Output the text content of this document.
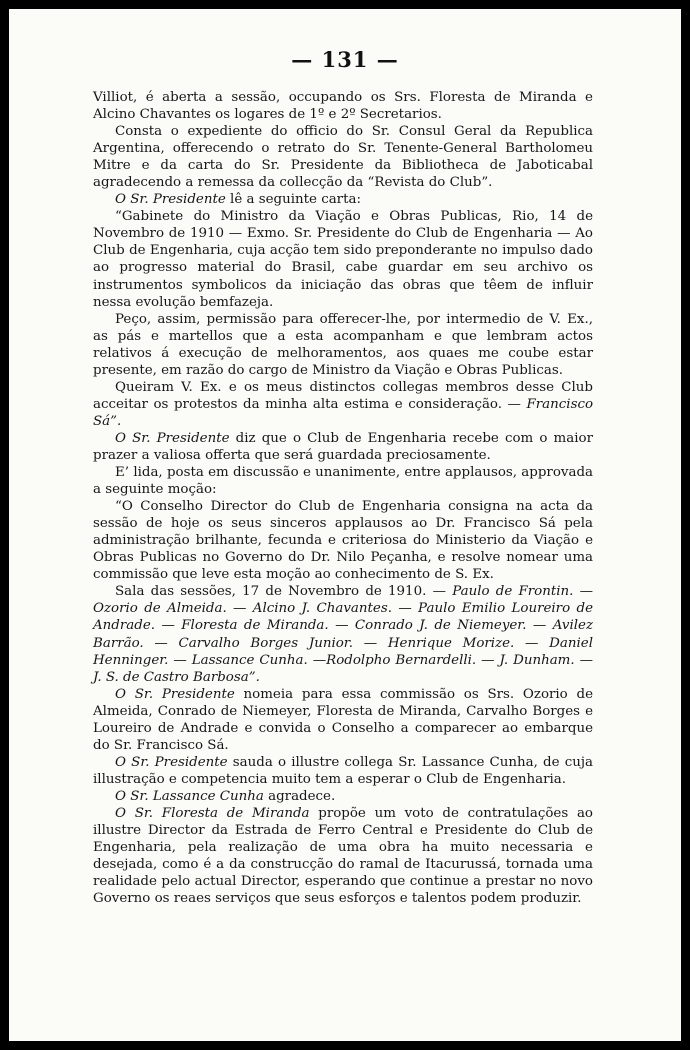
— 131 —

Villiot, é aberta a sessão, occupando os Srs. Floresta de Miranda e Alcino Chavantes os logares de 1º e 2º Secretarios.

Consta o expediente do officio do Sr. Consul Geral da Republica Argentina, offerecendo o retrato do Sr. Tenente-General Bartholomeu Mitre e da carta do Sr. Presidente da Bibliotheca de Jaboticabal agradecendo a remessa da collecção da “Revista do Club”.

O Sr. Presidente lê a seguinte carta:

“Gabinete do Ministro da Viação e Obras Publicas, Rio, 14 de Novembro de 1910 — Exmo. Sr. Presidente do Club de Engenharia — Ao Club de Engenharia, cuja acção tem sido preponderante no impulso dado ao progresso material do Brasil, cabe guardar em seu archivo os instrumentos symbolicos da iniciação das obras que têem de influir nessa evolução bemfazeja.

Peço, assim, permissão para offerecer-lhe, por intermedio de V. Ex., as pás e martellos que a esta acompanham e que lembram actos relativos á execução de melhoramentos, aos quaes me coube estar presente, em razão do cargo de Ministro da Viação e Obras Publicas.

Queiram V. Ex. e os meus distinctos collegas membros desse Club acceitar os protestos da minha alta estima e consideração. — Francisco Sá”.

O Sr. Presidente diz que o Club de Engenharia recebe com o maior prazer a valiosa offerta que será guardada preciosamente.

E’ lida, posta em discussão e unanimente, entre applausos, approvada a seguinte moção:

“O Conselho Director do Club de Engenharia consigna na acta da sessão de hoje os seus sinceros applausos ao Dr. Francisco Sá pela administração brilhante, fecunda e criteriosa do Ministerio da Viação e Obras Publicas no Governo do Dr. Nilo Peçanha, e resolve nomear uma commissão que leve esta moção ao conhecimento de S. Ex.

Sala das sessões, 17 de Novembro de 1910. — Paulo de Frontin. — Ozorio de Almeida. — Alcino J. Chavantes. — Paulo Emilio Loureiro de Andrade. — Floresta de Miranda. — Conrado J. de Niemeyer. — Avilez Barrão. — Carvalho Borges Junior. — Henrique Morize. — Daniel Henninger. — Lassance Cunha. —Rodolpho Bernardelli. — J. Dunham. — J. S. de Castro Barbosa”.

O Sr. Presidente nomeia para essa commissão os Srs. Ozorio de Almeida, Conrado de Niemeyer, Floresta de Miranda, Carvalho Borges e Loureiro de Andrade e convida o Conselho a comparecer ao embarque do Sr. Francisco Sá.

O Sr. Presidente sauda o illustre collega Sr. Lassance Cunha, de cuja illustração e competencia muito tem a esperar o Club de Engenharia.

O Sr. Lassance Cunha agradece.

O Sr. Floresta de Miranda propõe um voto de contratulações ao illustre Director da Estrada de Ferro Central e Presidente do Club de Engenharia, pela realização de uma obra ha muito necessaria e desejada, como é a da construcção do ramal de Itacurussá, tornada uma realidade pelo actual Director, esperando que continue a prestar no novo Governo os reaes serviços que seus esforços e talentos podem produzir.
